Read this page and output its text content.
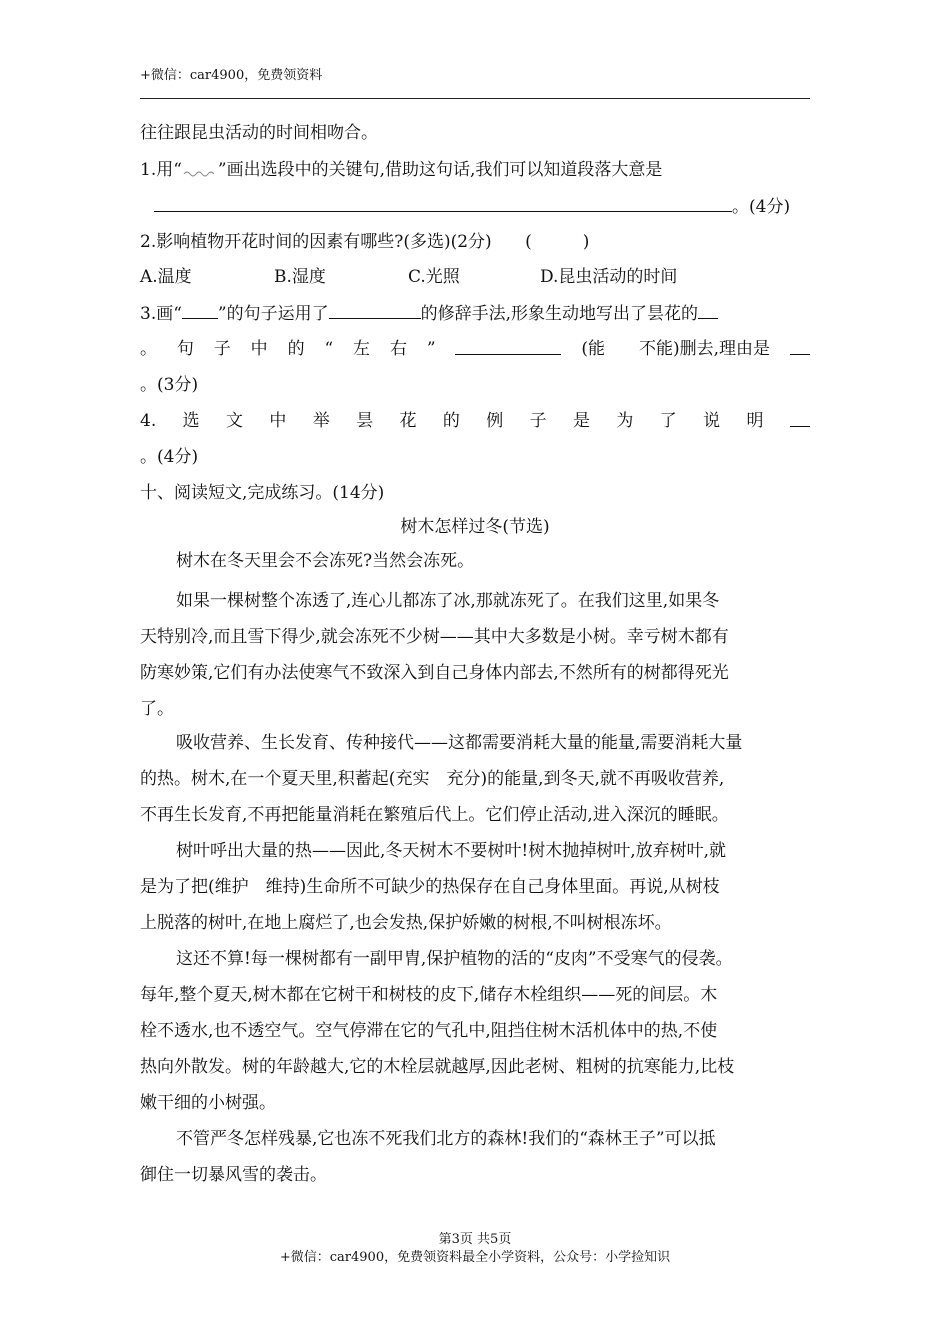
+微信：car4900，免费领资料
往往跟昆虫活动的时间相吻合。
1.用“ ”画出选段中的关键句,借助这句话,我们可以知道段落大意是
。(4分)
2.影响植物开花时间的因素有哪些?(多选)(2分) (　　　)
A.温度	B.湿度	C.光照	D.昆虫活动的时间
3.画“ ”的句子运用了	的修辞手法,形象生动地写出了昙花的
。 句 子 中 的 “ 左 右 ”	(能　　不能)删去,理由是
。(3分)
4. 选 文 中 举 昙 花 的 例 子 是 为 了 说 明
。(4分)
十、阅读短文,完成练习。(14分)
树木怎样过冬(节选)
树木在冬天里会不会冻死?当然会冻死。
如果一棵树整个冻透了,连心儿都冻了冰,那就冻死了。在我们这里,如果冬
天特别冷,而且雪下得少,就会冻死不少树——其中大多数是小树。幸亏树木都有
防寒妙策,它们有办法使寒气不致深入到自己身体内部去,不然所有的树都得死光
了。
吸收营养、生长发育、传种接代——这都需要消耗大量的能量,需要消耗大量
的热。树木,在一个夏天里,积蓄起(充实　充分)的能量,到冬天,就不再吸收营养,
不再生长发育,不再把能量消耗在繁殖后代上。它们停止活动,进入深沉的睡眠。
树叶呼出大量的热——因此,冬天树木不要树叶!树木抛掉树叶,放弃树叶,就
是为了把(维护　维持)生命所不可缺少的热保存在自己身体里面。再说,从树枝
上脱落的树叶,在地上腐烂了,也会发热,保护娇嫩的树根,不叫树根冻坏。
这还不算!每一棵树都有一副甲胄,保护植物的活的“皮肉”不受寒气的侵袭。
每年,整个夏天,树木都在它树干和树枝的皮下,储存木栓组织——死的间层。木
栓不透水,也不透空气。空气停滞在它的气孔中,阻挡住树木活机体中的热,不使
热向外散发。树的年龄越大,它的木栓层就越厚,因此老树、粗树的抗寒能力,比枝
嫩干细的小树强。
不管严冬怎样残暴,它也冻不死我们北方的森林!我们的“森林王子”可以抵
御住一切暴风雪的袭击。
第3页 共5页
+微信：car4900，免费领资料最全小学资料，公众号：小学捡知识
